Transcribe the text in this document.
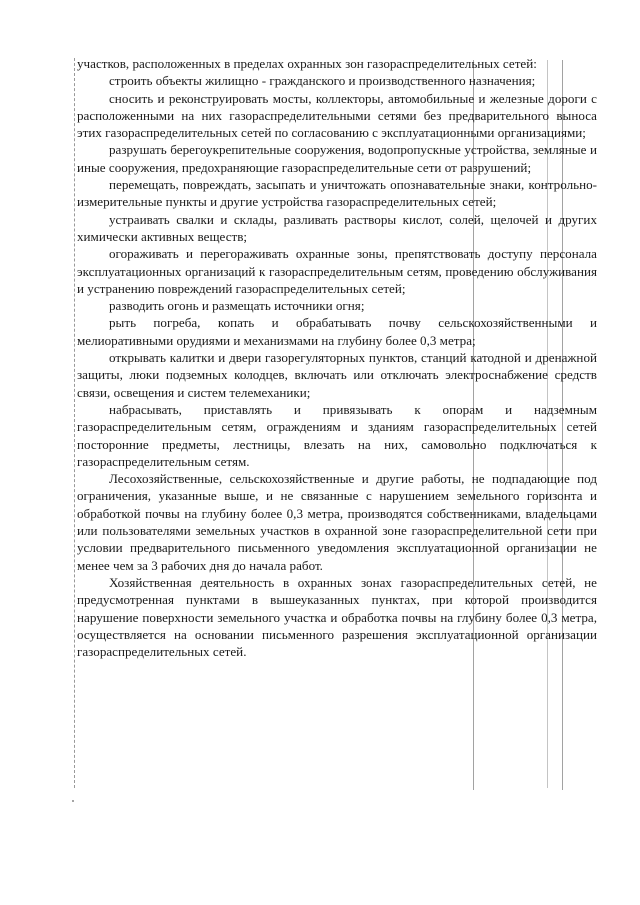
участков, расположенных в пределах охранных зон газораспределительных сетей:

строить объекты жилищно - гражданского и производственного назначения;

сносить и реконструировать мосты, коллекторы, автомобильные и железные дороги с расположенными на них газораспределительными сетями без предварительного выноса этих газораспределительных сетей по согласованию с эксплуатационными организациями;

разрушать берегоукрепительные сооружения, водопропускные устройства, земляные и иные сооружения, предохраняющие газораспределительные сети от разрушений;

перемещать, повреждать, засыпать и уничтожать опознавательные знаки, контрольно-измерительные пункты и другие устройства газораспределительных сетей;

устраивать свалки и склады, разливать растворы кислот, солей, щелочей и других химически активных веществ;

огораживать и перегораживать охранные зоны, препятствовать доступу персонала эксплуатационных организаций к газораспределительным сетям, проведению обслуживания и устранению повреждений газораспределительных сетей;

разводить огонь и размещать источники огня;

рыть погреба, копать и обрабатывать почву сельскохозяйственными и мелиоративными орудиями и механизмами на глубину более 0,3 метра;

открывать калитки и двери газорегуляторных пунктов, станций катодной и дренажной защиты, люки подземных колодцев, включать или отключать электроснабжение средств связи, освещения и систем телемеханики;

набрасывать, приставлять и привязывать к опорам и надземным газораспределительным сетям, ограждениям и зданиям газораспределительных сетей посторонние предметы, лестницы, влезать на них, самовольно подключаться к газораспределительным сетям.

Лесохозяйственные, сельскохозяйственные и другие работы, не подпадающие под ограничения, указанные выше, и не связанные с нарушением земельного горизонта и обработкой почвы на глубину более 0,3 метра, производятся собственниками, владельцами или пользователями земельных участков в охранной зоне газораспределительной сети при условии предварительного письменного уведомления эксплуатационной организации не менее чем за 3 рабочих дня до начала работ.

Хозяйственная деятельность в охранных зонах газораспределительных сетей, не предусмотренная пунктами в вышеуказанных пунктах, при которой производится нарушение поверхности земельного участка и обработка почвы на глубину более 0,3 метра, осуществляется на основании письменного разрешения эксплуатационной организации газораспределительных сетей.
